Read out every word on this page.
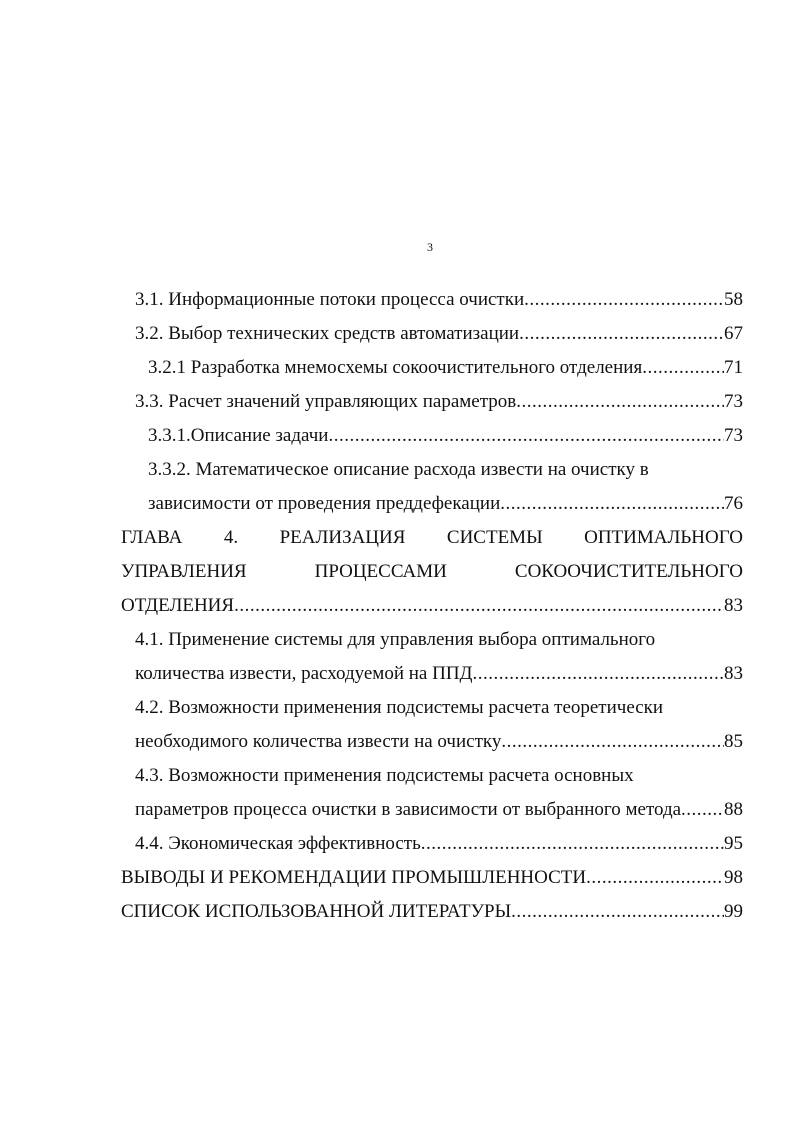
3
3.1. Информационные потоки процесса очистки .....	58
3.2. Выбор технических средств автоматизации .....	67
3.2.1 Разработка мнемосхемы сокоочистительного отделения .....	71
3.3. Расчет значений управляющих параметров .....	73
3.3.1.Описание задачи .....	73
3.3.2. Математическое описание расхода извести на очистку в
зависимости от проведения преддефекации .....	76
ГЛАВА 4. РЕАЛИЗАЦИЯ СИСТЕМЫ ОПТИМАЛЬНОГО
УПРАВЛЕНИЯ	ПРОЦЕССАМИ	СОКООЧИСТИТЕЛЬНОГО
ОТДЕЛЕНИЯ .....	83
4.1. Применение системы для управления выбора оптимального
количества извести, расходуемой на ППД .....	83
4.2. Возможности применения подсистемы расчета теоретически
необходимого количества извести на очистку .....	85
4.3. Возможности применения подсистемы расчета основных
параметров процесса очистки в зависимости от выбранного метода ..... 88
4.4. Экономическая эффективность .....	95
ВЫВОДЫ И РЕКОМЕНДАЦИИ ПРОМЫШЛЕННОСТИ .....	98
СПИСОК ИСПОЛЬЗОВАННОЙ ЛИТЕРАТУРЫ .....	99
